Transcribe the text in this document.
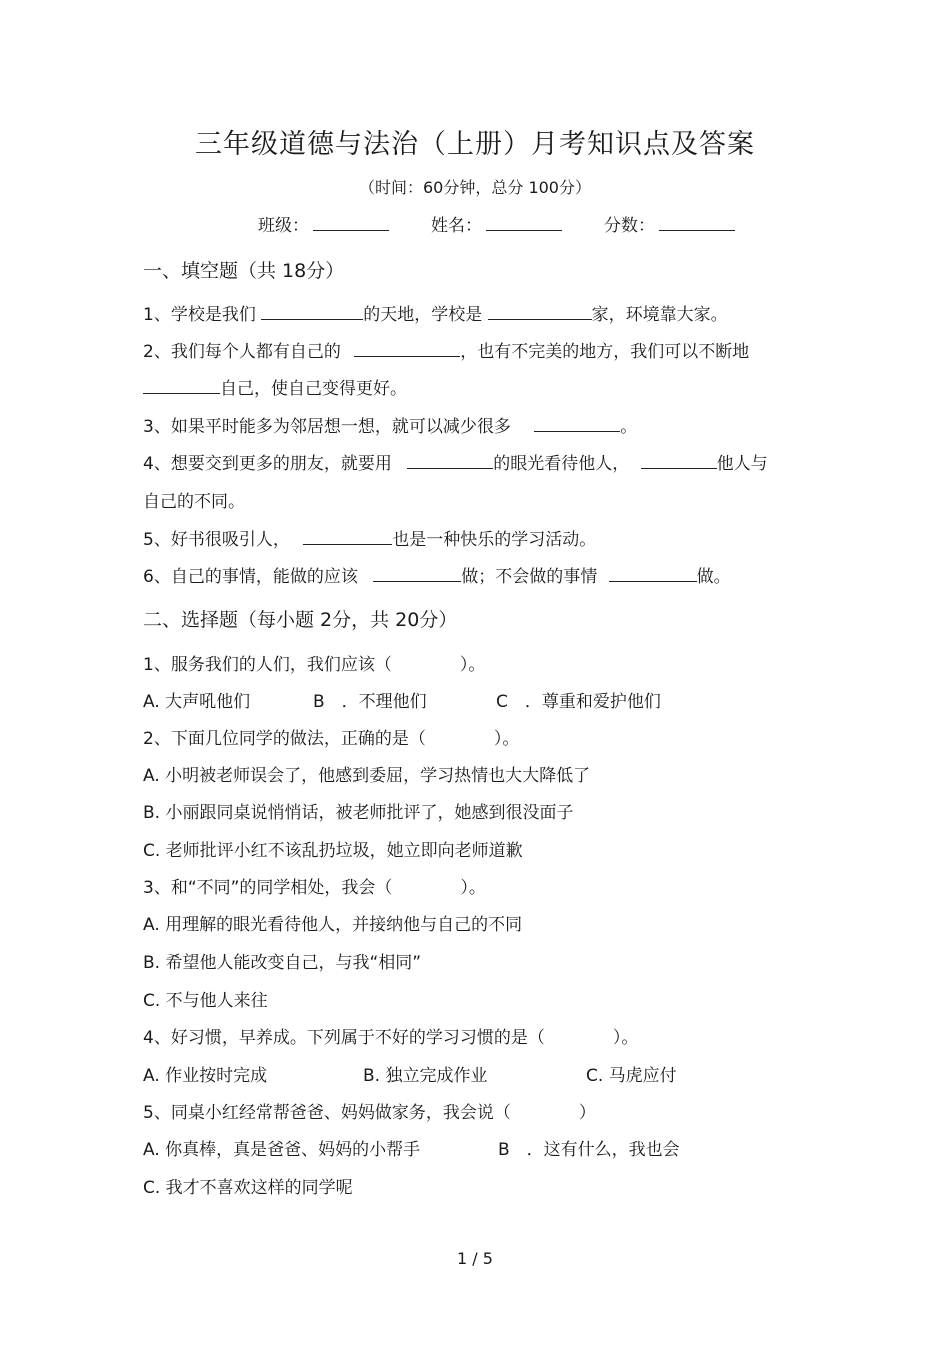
三年级道德与法治（上册）月考知识点及答案
（时间：60分钟，总分 100分）
班级：	姓名：	分数：
一、填空题（共 18分）
1、学校是我们	的天地，学校是	家，环境靠大家。
2、我们每个人都有自己的	，也有不完美的地方，我们可以不断地
自己，使自己变得更好。
3、如果平时能多为邻居想一想，就可以减少很多	。
4、想要交到更多的朋友，就要用	的眼光看待他人，	他人与
自己的不同。
5、好书很吸引人，	也是一种快乐的学习活动。
6、自己的事情，能做的应该	做；不会做的事情	做。
二、选择题（每小题 2分，共 20分）
1、服务我们的人们，我们应该（　　　　）。
A. 大声吼他们	B　．不理他们	C　．尊重和爱护他们
2、下面几位同学的做法，正确的是（　　　　）。
A. 小明被老师误会了，他感到委屈，学习热情也大大降低了
B. 小丽跟同桌说悄悄话，被老师批评了，她感到很没面子
C. 老师批评小红不该乱扔垃圾，她立即向老师道歉
3、和“不同”的同学相处，我会（　　　　）。
A. 用理解的眼光看待他人，并接纳他与自己的不同
B. 希望他人能改变自己，与我“相同”
C. 不与他人来往
4、好习惯，早养成。下列属于不好的学习习惯的是（　　　　）。
A. 作业按时完成	B. 独立完成作业	C. 马虎应付
5、同桌小红经常帮爸爸、妈妈做家务，我会说（　　　　）
A. 你真棒，真是爸爸、妈妈的小帮手	B　．这有什么，我也会
C. 我才不喜欢这样的同学呢
1 / 5
